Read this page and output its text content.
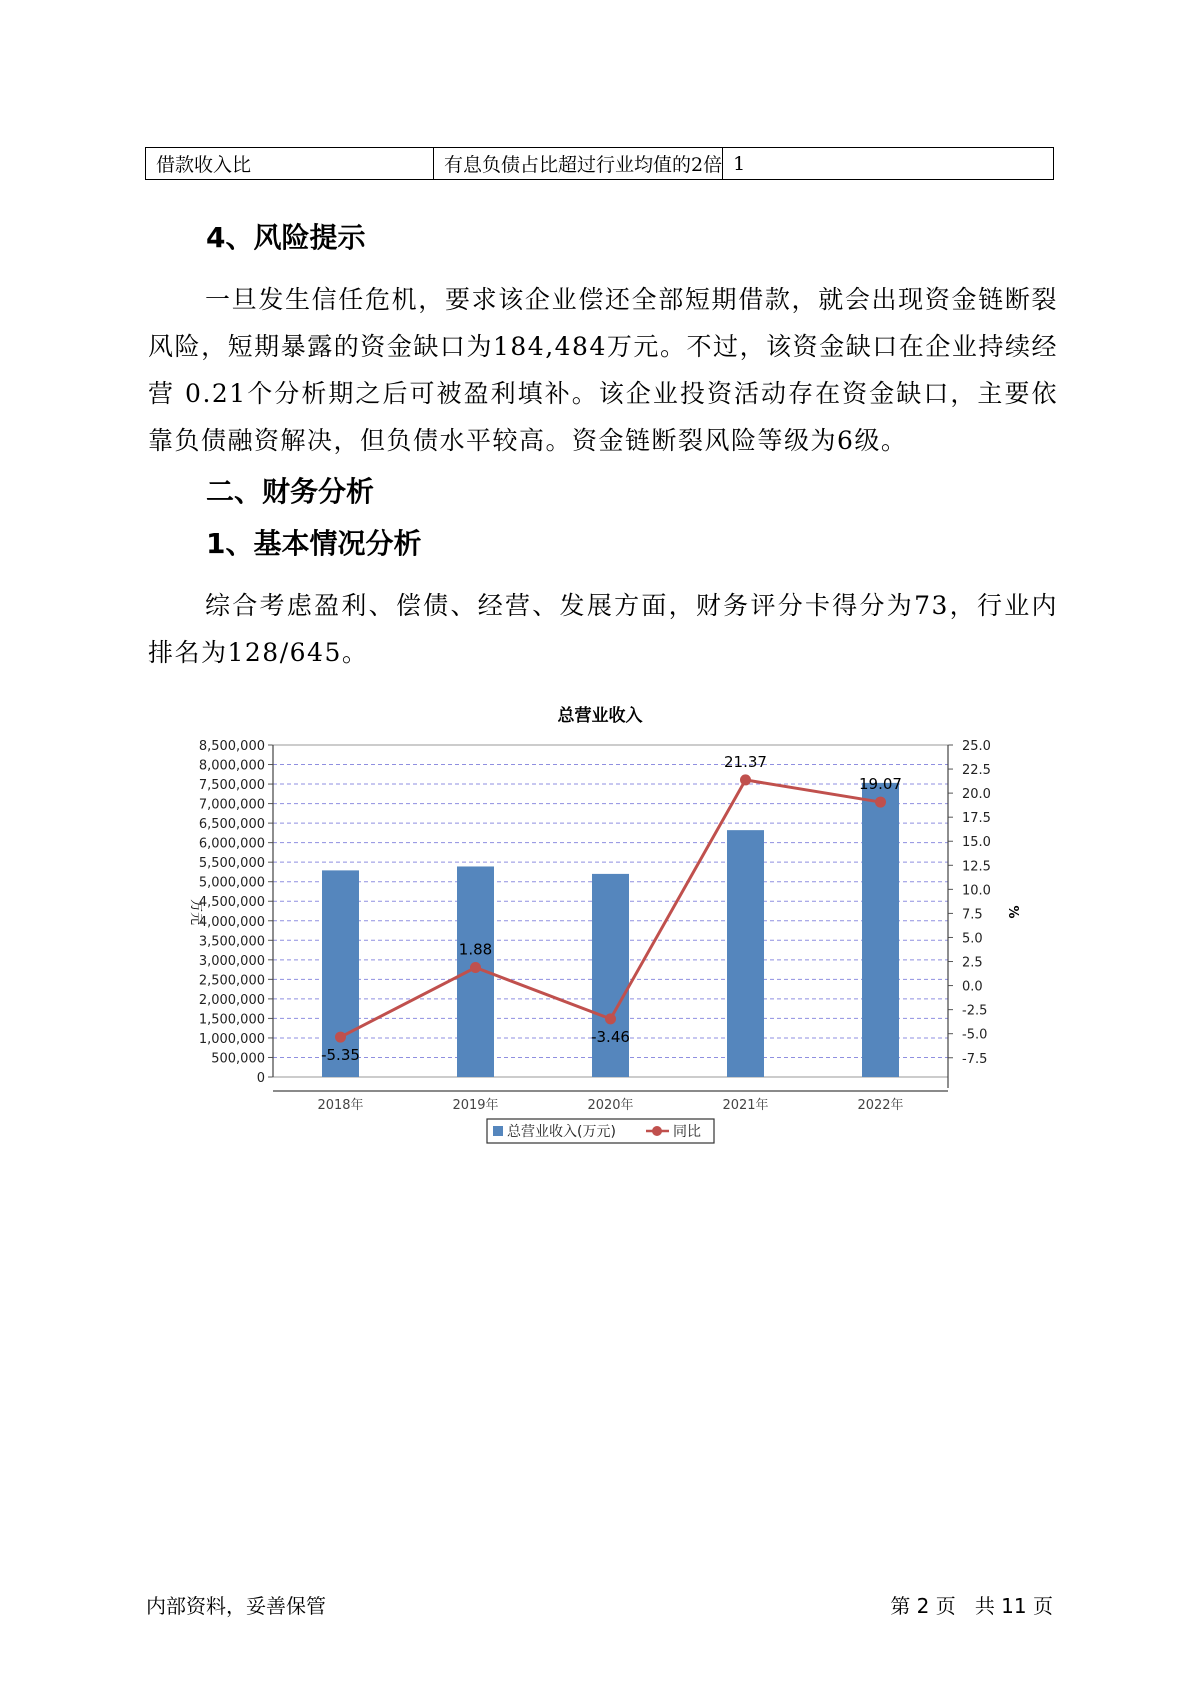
借款收入比	有息负债占比超过行业均值的2倍	1
4、风险提示

一旦发生信任危机，要求该企业偿还全部短期借款，就会出现资金链断裂风险，短期暴露的资金缺口为184,484万元。不过，该资金缺口在企业持续经营 0.21个分析期之后可被盈利填补。该企业投资活动存在资金缺口，主要依靠负债融资解决，但负债水平较高。资金链断裂风险等级为6级。

二、财务分析
1、基本情况分析

综合考虑盈利、偿债、经营、发展方面，财务评分卡得分为73，行业内排名为128/645。

总营业收入
0
500,000
1,000,000
1,500,000
2,000,000
2,500,000
3,000,000
3,500,000
4,000,000
4,500,000
5,000,000
5,500,000
6,000,000
6,500,000
7,000,000
7,500,000
8,000,000
8,500,000
-7.5
-5.0
-2.5
0.0
2.5
5.0
7.5
10.0
12.5
15.0
17.5
20.0
22.5
25.0
万元	%
2018年	2019年	2020年	2021年	2022年
-5.35
1.88
-3.46
21.37
19.07
总营业收入(万元)	同比
内部资料，妥善保管	第 2 页   共 11 页
